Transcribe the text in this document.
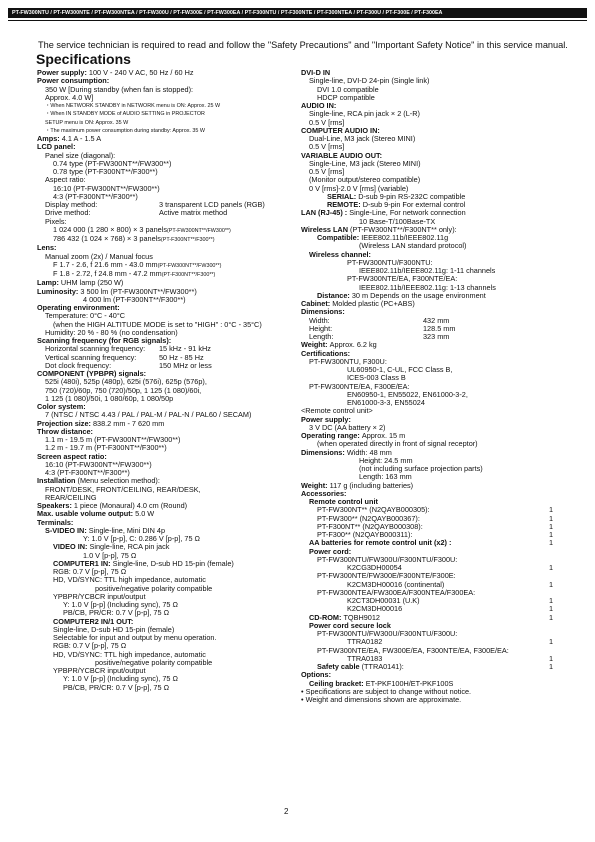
PT-FW300NTU / PT-FW300NTE / PT-FW300NTEA / PT-FW300U / PT-FW300E / PT-FW300EA / PT-F300NTU / PT-F300NTE / PT-F300NTEA / PT-F300U / PT-F300E / PT-F300EA
The service technician is required to read and follow the "Safety Precautions" and "Important Safety Notice" in this service manual.
Specifications
Power supply: 100 V - 240 V AC, 50 Hz / 60 Hz
Power consumption:
350 W [During standby (when fan is stopped):
Approx. 4.0 W]
・When NETWORK STANDBY in NETWORK menu is ON: Approx. 25 W
・When IN STANDBY MODE of AUDIO SETTING in PROJECTOR
SETUP menu is ON: Approx. 35 W
・The maximum power consumption during standby: Approx. 35 W
Amps: 4.1 A - 1.5 A
LCD panel:
Panel size (diagonal):
0.74 type (PT-FW300NT**/FW300**)
0.78 type (PT-F300NT**/F300**)
Aspect ratio:
16:10 (PT-FW300NT**/FW300**)
4:3 (PT-F300NT**/F300**)
Display method:	3 transparent LCD panels (RGB)
Drive method:	Active matrix method
Pixels:
1 024 000 (1 280 × 800) × 3 panels(PT-FW300NT**/FW300**)
786 432 (1 024 × 768) × 3 panels(PT-F300NT**/F300**)
Lens:
Manual zoom (2x) / Manual focus
F 1.7 - 2.6, f 21.6 mm - 43.0 mm(PT-FW300NT**/FW300**)
F 1.8 - 2.72, f 24.8 mm - 47.2 mm(PT-F300NT**/F300**)
Lamp: UHM lamp (250 W)
Luminosity: 3 500 lm (PT-FW300NT**/FW300**)
4 000 lm (PT-F300NT**/F300**)
Operating environment:
Temperature: 0°C - 40°C
(when the HIGH ALTITUDE MODE is set to "HIGH" : 0°C - 35°C)
Humidity: 20 % - 80 % (no condensation)
Scanning frequency (for RGB signals):
Horizontal scanning frequency:	15 kHz - 91 kHz
Vertical scanning frequency:	50 Hz - 85 Hz
Dot clock frequency:	150 MHz or less
COMPONENT (YPBPR) signals:
525i (480i), 525p (480p), 625i (576i), 625p (576p),
750 (720)/60p, 750 (720)/50p, 1 125 (1 080)/60i,
1 125 (1 080)/50i, 1 080/60p, 1 080/50p
Color system:
7 (NTSC / NTSC 4.43 / PAL / PAL-M / PAL-N / PAL60 / SECAM)
Projection size: 838.2 mm - 7 620 mm
Throw distance:
1.1 m - 19.5 m (PT-FW300NT**/FW300**)
1.2 m - 19.7 m (PT-F300NT**/F300**)
Screen aspect ratio:
16:10 (PT-FW300NT**/FW300**)
4:3 (PT-F300NT**/F300**)
Installation (Menu selection method):
FRONT/DESK, FRONT/CEILING, REAR/DESK,
REAR/CEILING
Speakers: 1 piece (Monaural) 4.0 cm (Round)
Max. usable volume output: 5.0 W
Terminals:
S-VIDEO IN: Single-line, Mini DIN 4p
Y: 1.0 V [p-p], C: 0.286 V [p-p], 75 Ω
VIDEO IN: Single-line, RCA pin jack
1.0 V [p-p], 75 Ω
COMPUTER1 IN: Single-line, D-sub HD 15-pin (female)
RGB: 0.7 V [p-p], 75 Ω
HD, VD/SYNC: TTL high impedance, automatic
positive/negative polarity compatible
YPBPR/YCBCR input/output
Y: 1.0 V [p-p] (Including sync), 75 Ω
PB/CB, PR/CR: 0.7 V [p-p], 75 Ω
COMPUTER2 IN/1 OUT:
Single-line, D-sub HD 15-pin (female)
Selectable for input and output by menu operation.
RGB: 0.7 V [p-p], 75 Ω
HD, VD/SYNC: TTL high impedance, automatic
positive/negative polarity compatible
YPBPR/YCBCR input/output
Y: 1.0 V [p-p] (Including sync), 75 Ω
PB/CB, PR/CR: 0.7 V [p-p], 75 Ω
DVI-D IN
Single-line, DVI-D 24-pin (Single link)
DVI 1.0 compatible
HDCP compatible
AUDIO IN:
Single-line, RCA pin jack × 2 (L-R)
0.5 V [rms]
COMPUTER AUDIO IN:
Dual-Line, M3 jack (Stereo MINI)
0.5 V [rms]
VARIABLE AUDIO OUT:
Single-Line, M3 jack (Stereo MINI)
0.5 V [rms]
(Monitor output/stereo compatible)
0 V [rms]-2.0 V [rms] (variable)
SERIAL: D-sub 9-pin RS-232C compatible
REMOTE: D-sub 9-pin For external control
LAN (RJ-45) : Single-Line, For network connection
10 Base-T/100Base-TX
Wireless LAN (PT-FW300NT**/F300NT** only):
Compatible: IEEE802.11b/IEEE802.11g
(Wireless LAN standard protocol)
Wireless channel:
PT-FW300NTU/F300NTU:
IEEE802.11b/IEEE802.11g: 1-11 channels
PT-FW300NTE/EA, F300NTE/EA:
IEEE802.11b/IEEE802.11g: 1-13 channels
Distance: 30 m Depends on the usage environment
Cabinet: Molded plastic (PC+ABS)
Dimensions:
Width:	432 mm
Height:	128.5 mm
Length:	323 mm
Weight: Approx. 6.2 kg
Certifications:
PT-FW300NTU, F300U:
UL60950-1, C-UL, FCC Class B,
ICES-003 Class B
PT-FW300NTE/EA, F300E/EA:
EN60950-1, EN55022, EN61000-3-2,
EN61000-3-3, EN55024
<Remote control unit>
Power supply:
3 V DC (AA battery × 2)
Operating range: Approx. 15 m
(when operated directly in front of signal receptor)
Dimensions: Width: 48 mm
Height: 24.5 mm
(not including surface projection parts)
Length: 163 mm
Weight: 117 g (including batteries)
Accessories:
Remote control unit
PT-FW300NT** (N2QAYB000305):	1
PT-FW300** (N2QAYB000367):	1
PT-F300NT** (N2QAYB000308):	1
PT-F300** (N2QAYB000311):	1
AA batteries for remote control unit (x2) :	1
Power cord:
PT-FW300NTU/FW300U/F300NTU/F300U:
K2CG3DH00054	1
PT-FW300NTE/FW300E/F300NTE/F300E:
K2CM3DH00016 (continental)	1
PT-FW300NTEA/FW300EA/F300NTEA/F300EA:
K2CT3DH00031 (U.K)	1
K2CM3DH00016	1
CD-ROM: TQBH9012	1
Power cord secure lock
PT-FW300NTU/FW300U/F300NTU/F300U:
TTRA0182	1
PT-FW300NTE/EA, FW300E/EA, F300NTE/EA, F300E/EA:
TTRA0183	1
Safety cable (TTRA0141):	1
Options:
Ceiling bracket: ET-PKF100H/ET-PKF100S
• Specifications are subject to change without notice.
• Weight and dimensions shown are approximate.
2
